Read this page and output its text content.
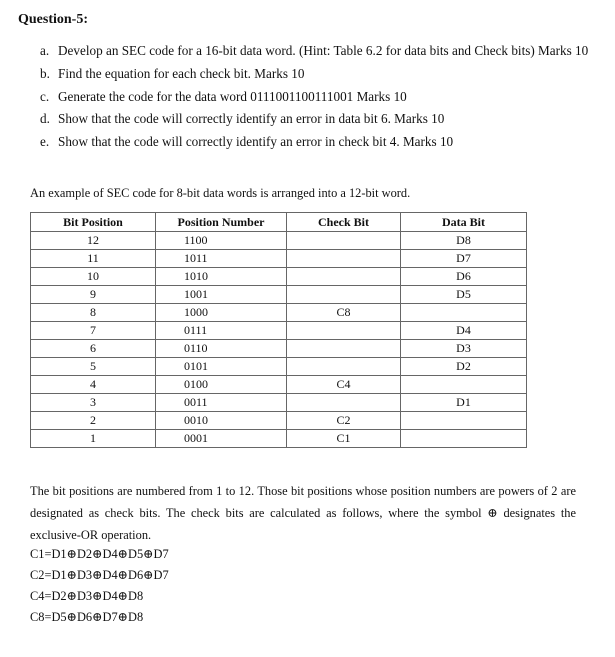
Question-5:
a. Develop an SEC code for a 16-bit data word. (Hint: Table 6.2 for data bits and Check bits) Marks 10
b. Find the equation for each check bit. Marks 10
c. Generate the code for the data word 0111001100111001 Marks 10
d. Show that the code will correctly identify an error in data bit 6. Marks 10
e. Show that the code will correctly identify an error in check bit 4. Marks 10
An example of SEC code for 8-bit data words is arranged into a 12-bit word.
Bit Position	Position Number	Check Bit	Data Bit
12	1100		D8
11	1011		D7
10	1010		D6
9	1001		D5
8	1000	C8	
7	0111		D4
6	0110		D3
5	0101		D2
4	0100	C4	
3	0011		D1
2	0010	C2	
1	0001	C1	
The bit positions are numbered from 1 to 12. Those bit positions whose position numbers are powers of 2 are designated as check bits. The check bits are calculated as follows, where the symbol ⊕ designates the exclusive-OR operation.
C1=D1⊕D2⊕D4⊕D5⊕D7
C2=D1⊕D3⊕D4⊕D6⊕D7
C4=D2⊕D3⊕D4⊕D8
C8=D5⊕D6⊕D7⊕D8
